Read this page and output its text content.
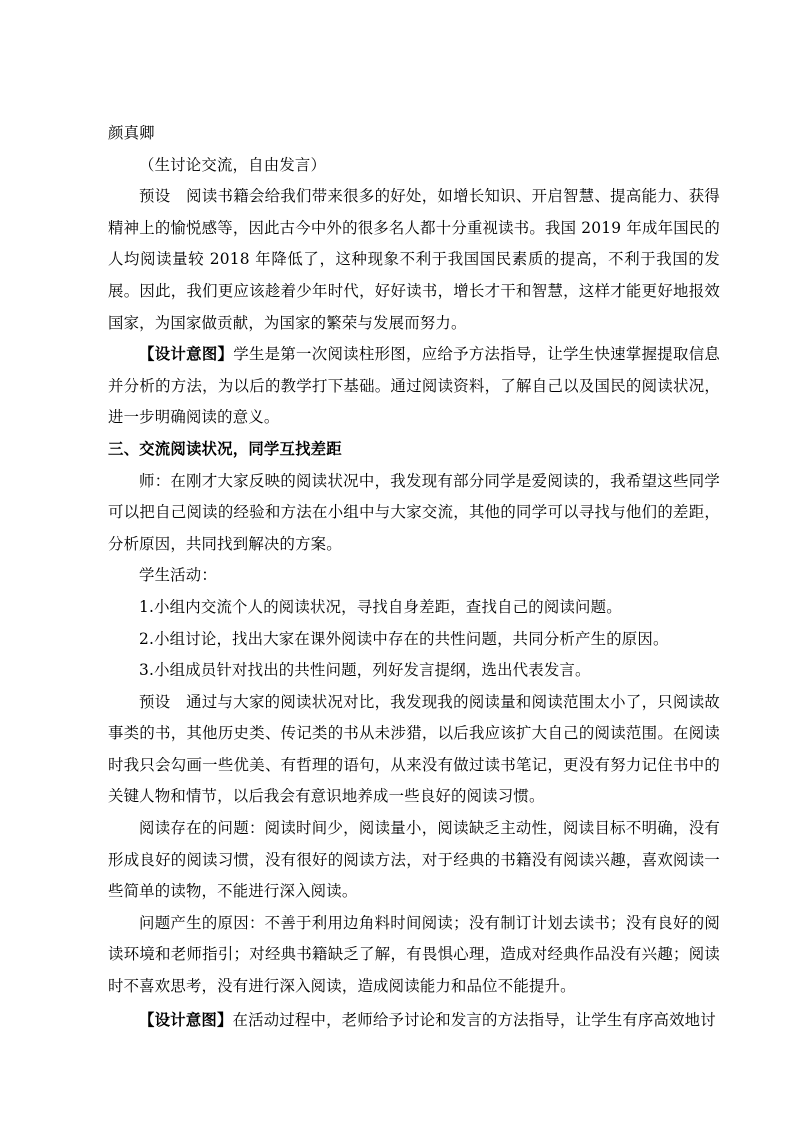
颜真卿

（生讨论交流，自由发言）

预设　阅读书籍会给我们带来很多的好处，如增长知识、开启智慧、提高能力、获得精神上的愉悦感等，因此古今中外的很多名人都十分重视读书。我国 2019 年成年国民的人均阅读量较 2018 年降低了，这种现象不利于我国国民素质的提高，不利于我国的发展。因此，我们更应该趁着少年时代，好好读书，增长才干和智慧，这样才能更好地报效国家，为国家做贡献，为国家的繁荣与发展而努力。

【设计意图】学生是第一次阅读柱形图，应给予方法指导，让学生快速掌握提取信息并分析的方法，为以后的教学打下基础。通过阅读资料，了解自己以及国民的阅读状况，进一步明确阅读的意义。

三、交流阅读状况，同学互找差距

师：在刚才大家反映的阅读状况中，我发现有部分同学是爱阅读的，我希望这些同学可以把自己阅读的经验和方法在小组中与大家交流，其他的同学可以寻找与他们的差距，分析原因，共同找到解决的方案。

学生活动：

1.小组内交流个人的阅读状况，寻找自身差距，查找自己的阅读问题。

2.小组讨论，找出大家在课外阅读中存在的共性问题，共同分析产生的原因。

3.小组成员针对找出的共性问题，列好发言提纲，选出代表发言。

预设　通过与大家的阅读状况对比，我发现我的阅读量和阅读范围太小了，只阅读故事类的书，其他历史类、传记类的书从未涉猎，以后我应该扩大自己的阅读范围。在阅读时我只会勾画一些优美、有哲理的语句，从来没有做过读书笔记，更没有努力记住书中的关键人物和情节，以后我会有意识地养成一些良好的阅读习惯。

阅读存在的问题：阅读时间少，阅读量小，阅读缺乏主动性，阅读目标不明确，没有形成良好的阅读习惯，没有很好的阅读方法，对于经典的书籍没有阅读兴趣，喜欢阅读一些简单的读物，不能进行深入阅读。

问题产生的原因：不善于利用边角料时间阅读；没有制订计划去读书；没有良好的阅读环境和老师指引；对经典书籍缺乏了解，有畏惧心理，造成对经典作品没有兴趣；阅读时不喜欢思考，没有进行深入阅读，造成阅读能力和品位不能提升。

【设计意图】在活动过程中，老师给予讨论和发言的方法指导，让学生有序高效地讨
